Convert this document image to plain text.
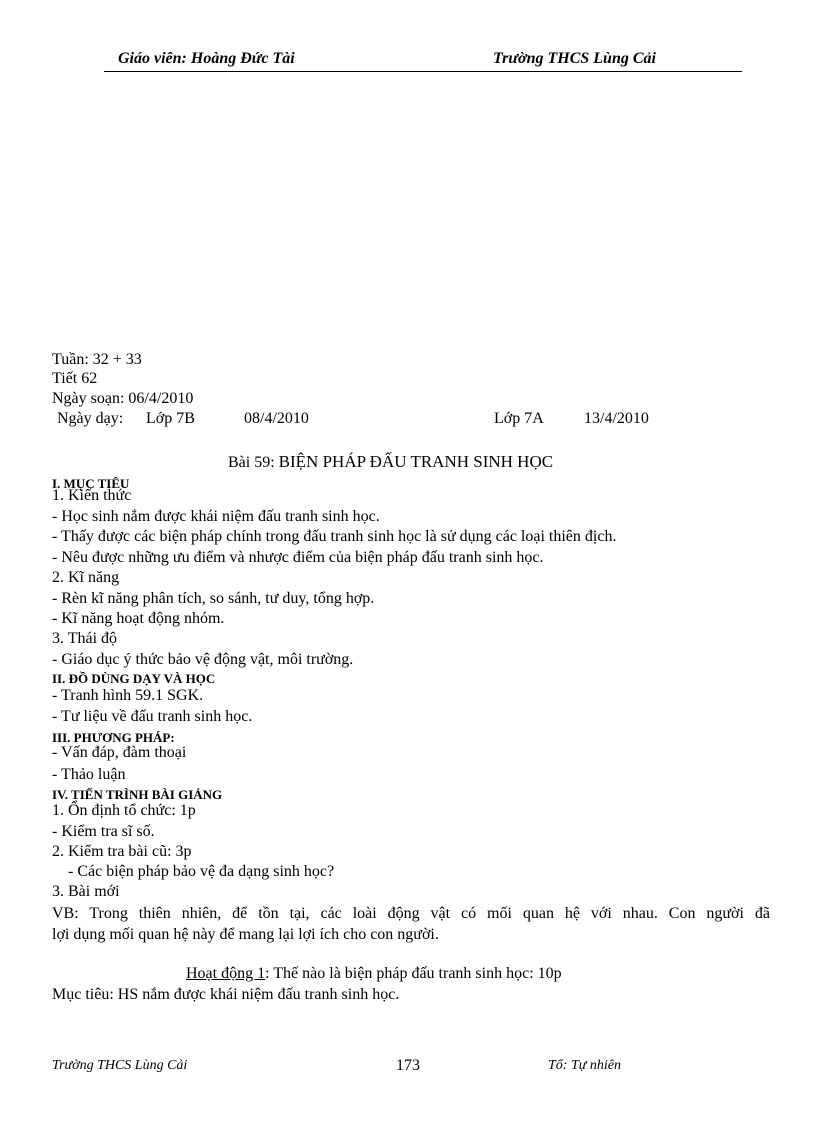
Giáo viên: Hoàng Đức Tài	Trường THCS Lùng Cải
Tuần: 32 + 33
Tiết 62
Ngày soạn: 06/4/2010
Ngày dạy: Lớp 7B	08/4/2010	Lớp 7A	13/4/2010
Bài 59: BIỆN PHÁP ĐẤU TRANH SINH HỌC
I. MỤC TIÊU
1. Kiến thức
- Học sinh nắm được khái niệm đấu tranh sinh học.
- Thấy được các biện pháp chính trong đấu tranh sinh học là sử dụng các loại thiên địch.
- Nêu được những ưu điểm và nhược điểm của biện pháp đấu tranh sinh học.
2. Kĩ năng
- Rèn kĩ năng phân tích, so sánh, tư duy, tổng hợp.
- Kĩ năng hoạt động nhóm.
3. Thái độ
- Giáo dục ý thức bảo vệ động vật, môi trường.
II. ĐỒ DÙNG DẠY VÀ HỌC
- Tranh hình 59.1 SGK.
- Tư liệu về đấu tranh sinh học.
III. PHƯƠNG PHÁP:
- Vấn đáp, đàm thoại
- Thảo luận
IV. TIẾN TRÌNH BÀI GIẢNG
1. Ổn định tổ chức: 1p
- Kiểm tra sĩ số.
2. Kiểm tra bài cũ: 3p
- Các biện pháp bảo vệ đa dạng sinh học?
3. Bài mới
VB: Trong thiên nhiên, để tồn tại, các loài động vật có mối quan hệ với nhau. Con người đã
lợi dụng mối quan hệ này để mang lại lợi ích cho con người.
Hoạt động 1: Thế nào là biện pháp đấu tranh sinh học: 10p
Mục tiêu: HS nắm được khái niệm đấu tranh sinh học.
Trường THCS Lùng Cải	173	Tổ: Tự nhiên
